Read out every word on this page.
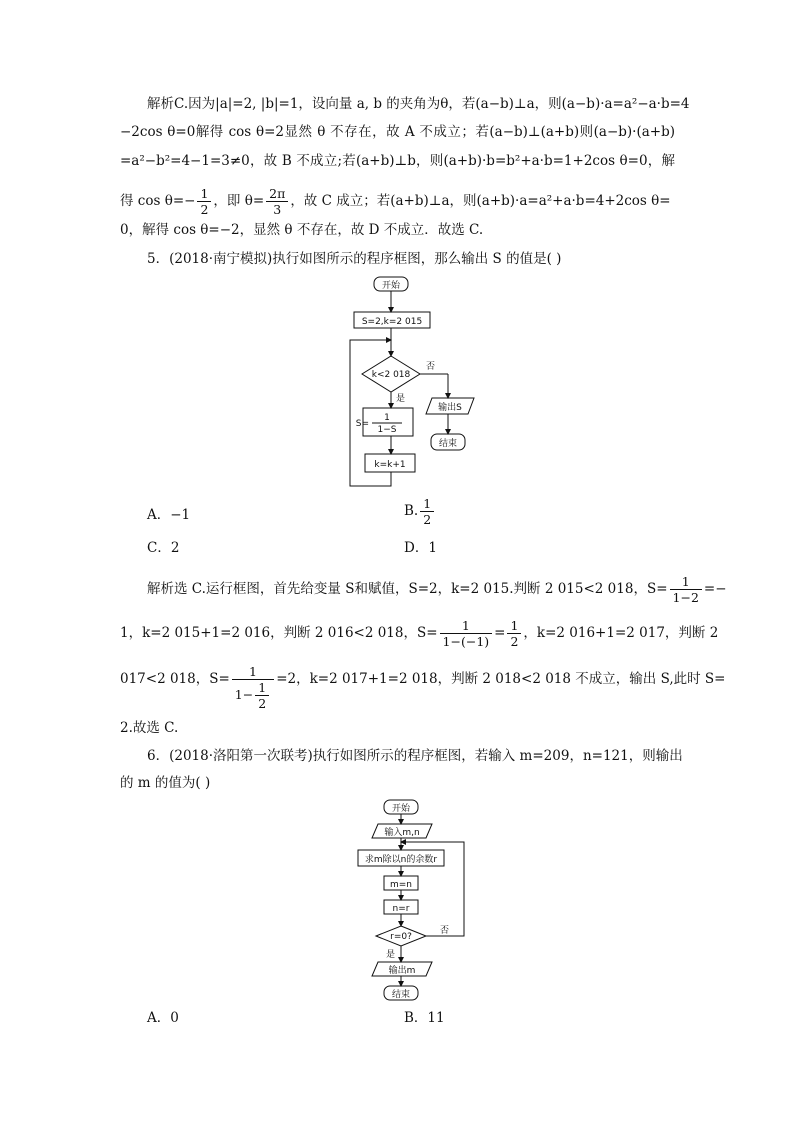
解析C.因为|a|=2, |b|=1，设向量 a, b 的夹角为θ，若(a−b)⊥a，则(a−b)·a=a²−a·b=4
−2cos θ=0解得 cos θ=2显然 θ 不存在，故 A 不成立；若(a−b)⊥(a+b)则(a−b)·(a+b)
=a²−b²=4−1=3≠0，故 B 不成立;若(a+b)⊥b，则(a+b)·b=b²+a·b=1+2cos θ=0，解
得 $\cos \theta=- \frac{1}{2}$ ，即 $\theta= \frac{2\pi}{3}$ ，故 C 成立；若(a+b)⊥a，则(a+b)·a=a²+a·b=4+2cos θ=
0，解得 cos θ=−2，显然 θ 不存在，故 D 不成立．故选 C.
5．(2018·南宁模拟)执行如图所示的程序框图，那么输出 S 的值是( )
开始
S=2,k=2 015
k<2 018
否
是
输出S
结束
S=
1
1−S
k=k+1
A．−1	B. $\frac{1}{2}$
C．2	D．1
解析选 C.运行框图，首先给变量 S和赋值，S=2，k=2 015.判断 2 015<2 018，$S= \frac{1}{1-2}$ =−
1，k=2 015+1=2 016，判断 2 016<2 018，$S= \frac{1}{1-(-1)} = \frac{1}{2}$ ，k=2 016+1=2 017，判断 2
017<2 018，$S= \frac{1}{1- \frac{1}{2}} =2$，k=2 017+1=2 018，判断 2 018<2 018 不成立，输出 S,此时 S=
2.故选 C.
6．(2018·洛阳第一次联考)执行如图所示的程序框图，若输入 m=209，n=121，则输出
的 m 的值为( )
开始
输入m,n
求m除以n的余数r
m=n
n=r
r=0?
否
是
输出m
结束
A．0	B．11
